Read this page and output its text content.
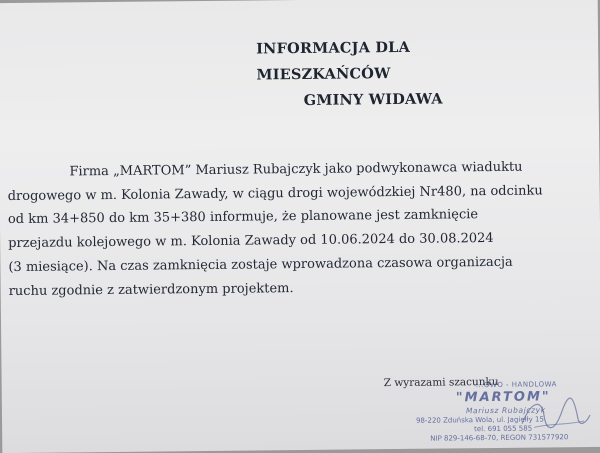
INFORMACJA DLA MIESZKAŃCÓW
GMINY WIDAWA
Firma „MARTOM” Mariusz Rubajczyk jako podwykonawca wiaduktu
drogowego w m. Kolonia Zawady, w ciągu drogi wojewódzkiej Nr480, na odcinku
od km 34+850 do km 35+380 informuje, że planowane jest zamknięcie
przejazdu kolejowego w m. Kolonia Zawady od 10.06.2024 do 30.08.2024
(3 miesiące). Na czas zamknięcia zostaje wprowadzona czasowa organizacja
ruchu zgodnie z zatwierdzonym projektem.
Z wyrazami szacunku
...OWO - HANDLOWA
"MARTOM"
Mariusz Rubajczyk
98-220 Zduńska Wola, ul. Jagiełły 15
tel. 691 055 585
NIP 829-146-68-70, REGON 731577920
